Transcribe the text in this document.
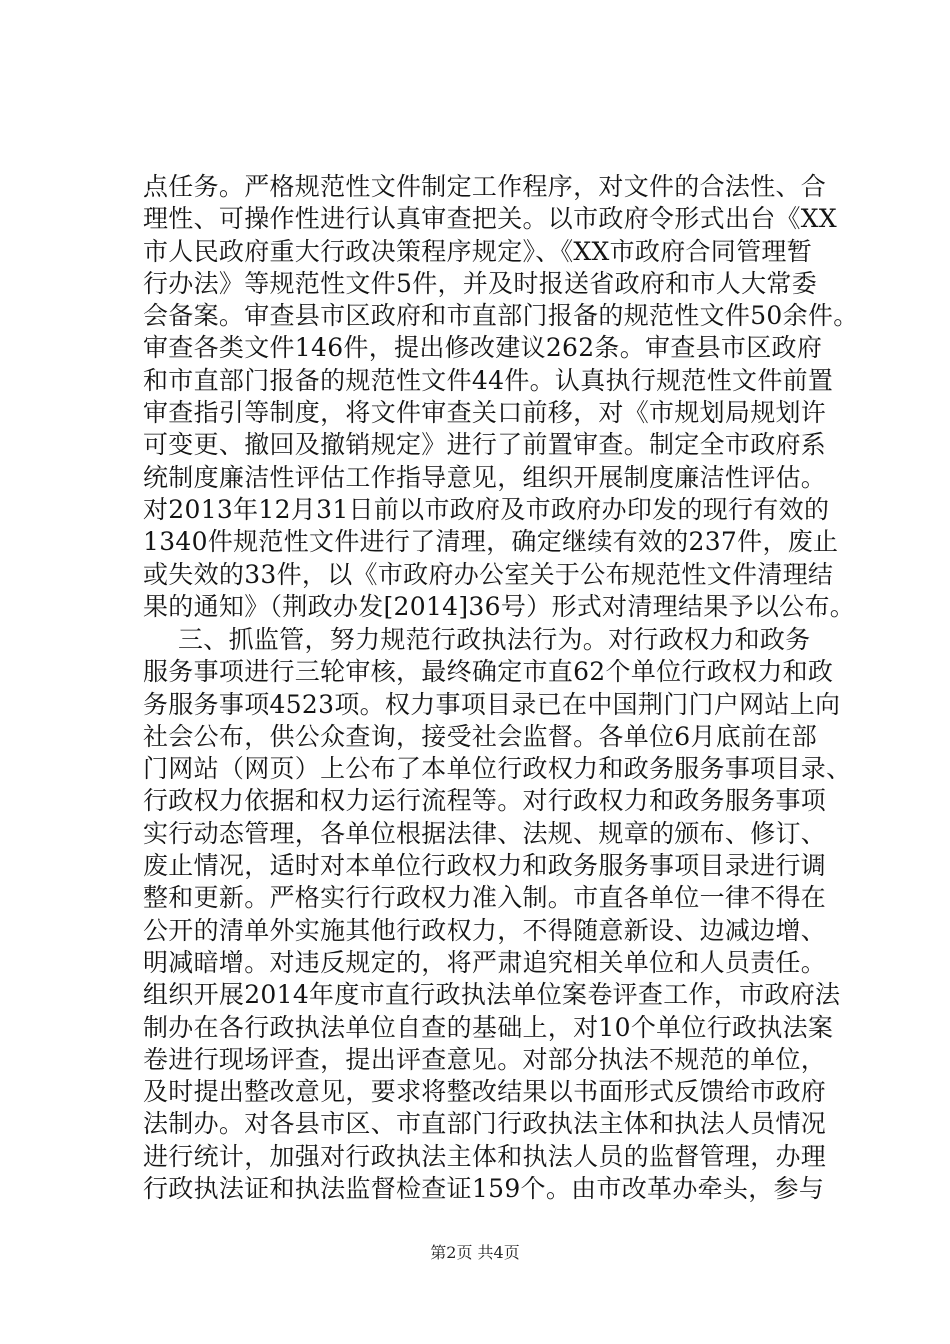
点任务。严格规范性文件制定工作程序，对文件的合法性、合
理性、可操作性进行认真审查把关。以市政府令形式出台《XX
市人民政府重大行政决策程序规定》、《XX市政府合同管理暂
行办法》等规范性文件5件，并及时报送省政府和市人大常委
会备案。审查县市区政府和市直部门报备的规范性文件50余件。
审查各类文件146件，提出修改建议262条。审查县市区政府
和市直部门报备的规范性文件44件。认真执行规范性文件前置
审查指引等制度，将文件审查关口前移，对《市规划局规划许
可变更、撤回及撤销规定》进行了前置审查。制定全市政府系
统制度廉洁性评估工作指导意见，组织开展制度廉洁性评估。
对2013年12月31日前以市政府及市政府办印发的现行有效的
1340件规范性文件进行了清理，确定继续有效的237件，废止
或失效的33件，以《市政府办公室关于公布规范性文件清理结
果的通知》（荆政办发[2014]36号）形式对清理结果予以公布。
三、抓监管，努力规范行政执法行为。对行政权力和政务
服务事项进行三轮审核，最终确定市直62个单位行政权力和政
务服务事项4523项。权力事项目录已在中国荆门门户网站上向
社会公布，供公众查询，接受社会监督。各单位6月底前在部
门网站（网页）上公布了本单位行政权力和政务服务事项目录、
行政权力依据和权力运行流程等。对行政权力和政务服务事项
实行动态管理，各单位根据法律、法规、规章的颁布、修订、
废止情况，适时对本单位行政权力和政务服务事项目录进行调
整和更新。严格实行行政权力准入制。市直各单位一律不得在
公开的清单外实施其他行政权力，不得随意新设、边减边增、
明减暗增。对违反规定的，将严肃追究相关单位和人员责任。
组织开展2014年度市直行政执法单位案卷评查工作，市政府法
制办在各行政执法单位自查的基础上，对10个单位行政执法案
卷进行现场评查，提出评查意见。对部分执法不规范的单位，
及时提出整改意见，要求将整改结果以书面形式反馈给市政府
法制办。对各县市区、市直部门行政执法主体和执法人员情况
进行统计，加强对行政执法主体和执法人员的监督管理，办理
行政执法证和执法监督检查证159个。由市改革办牵头，参与
第2页 共4页
